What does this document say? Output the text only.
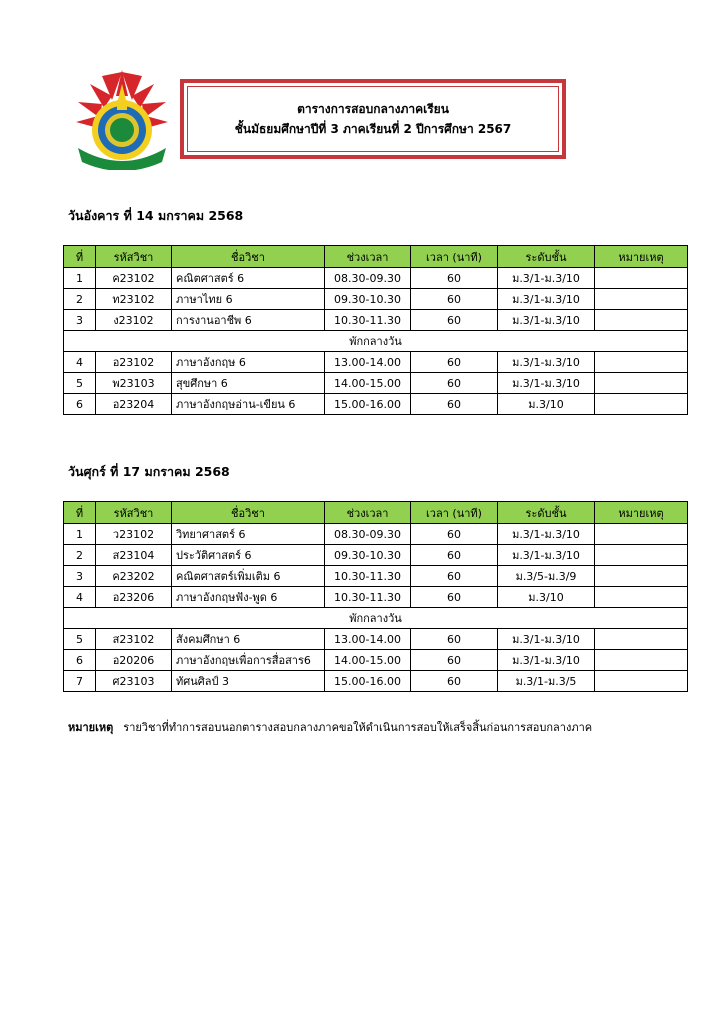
ตารางการสอบกลางภาคเรียน
ชั้นมัธยมศึกษาปีที่ 3 ภาคเรียนที่ 2 ปีการศึกษา 2567
วันอังคาร ที่ 14 มกราคม 2568
ที่	รหัสวิชา	ชื่อวิชา	ช่วงเวลา	เวลา (นาที)	ระดับชั้น	หมายเหตุ
1	ค23102	คณิตศาสตร์ 6	08.30-09.30	60	ม.3/1-ม.3/10	
2	ท23102	ภาษาไทย 6	09.30-10.30	60	ม.3/1-ม.3/10	
3	ง23102	การงานอาชีพ 6	10.30-11.30	60	ม.3/1-ม.3/10	
พักกลางวัน						
4	อ23102	ภาษาอังกฤษ 6	13.00-14.00	60	ม.3/1-ม.3/10	
5	พ23103	สุขศึกษา 6	14.00-15.00	60	ม.3/1-ม.3/10	
6	อ23204	ภาษาอังกฤษอ่าน-เขียน 6	15.00-16.00	60	ม.3/10	
วันศุกร์ ที่ 17 มกราคม 2568
ที่	รหัสวิชา	ชื่อวิชา	ช่วงเวลา	เวลา (นาที)	ระดับชั้น	หมายเหตุ
1	ว23102	วิทยาศาสตร์ 6	08.30-09.30	60	ม.3/1-ม.3/10	
2	ส23104	ประวัติศาสตร์ 6	09.30-10.30	60	ม.3/1-ม.3/10	
3	ค23202	คณิตศาสตร์เพิ่มเติม 6	10.30-11.30	60	ม.3/5-ม.3/9	
4	อ23206	ภาษาอังกฤษฟัง-พูด 6	10.30-11.30	60	ม.3/10	
พักกลางวัน						
5	ส23102	สังคมศึกษา 6	13.00-14.00	60	ม.3/1-ม.3/10	
6	อ20206	ภาษาอังกฤษเพื่อการสื่อสาร6	14.00-15.00	60	ม.3/1-ม.3/10	
7	ศ23103	ทัศนศิลป์ 3	15.00-16.00	60	ม.3/1-ม.3/5	
หมายเหตุ รายวิชาที่ทำการสอบนอกตารางสอบกลางภาคขอให้ดำเนินการสอบให้เสร็จสิ้นก่อนการสอบกลางภาค
